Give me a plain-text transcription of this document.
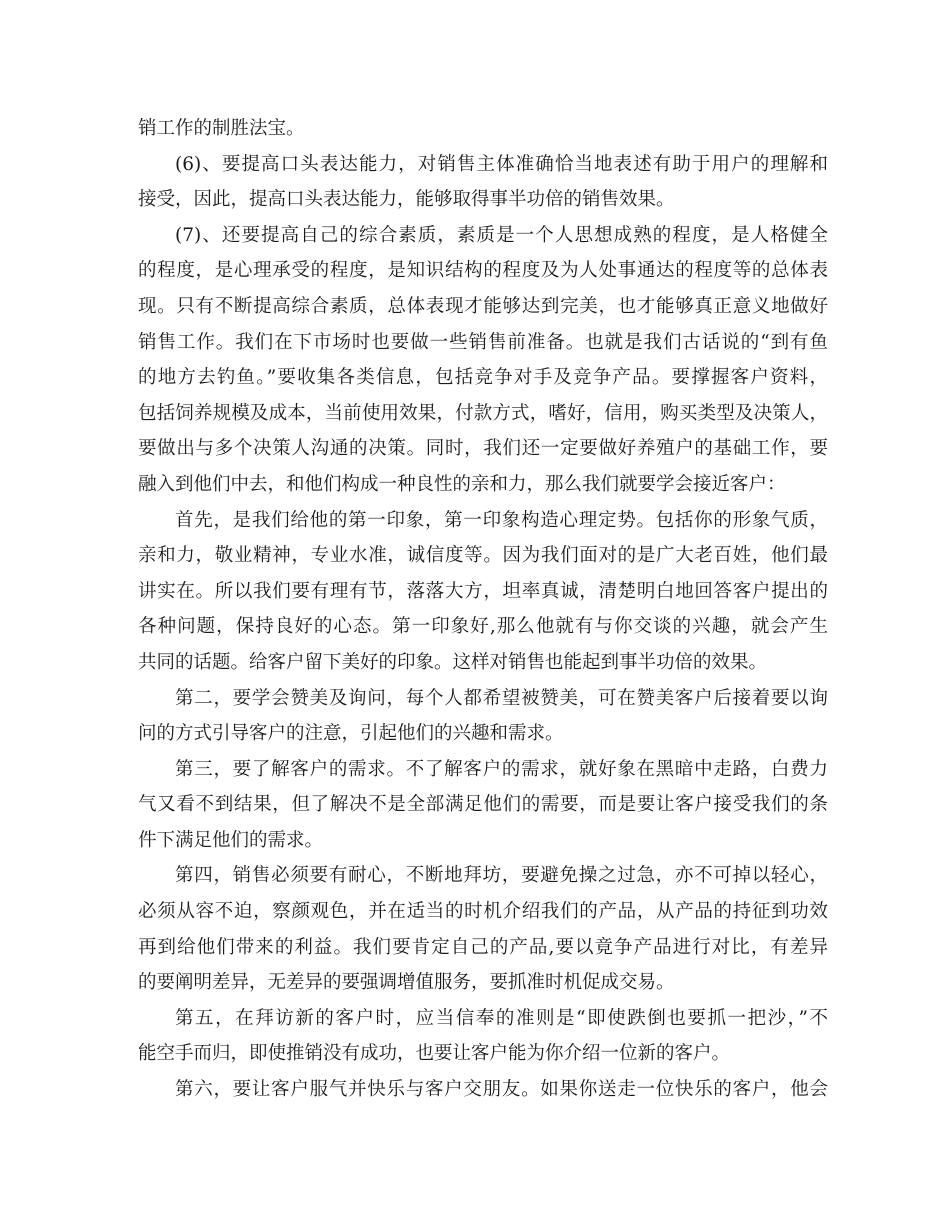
销工作的制胜法宝。
(6)、要提高口头表达能力，对销售主体准确恰当地表述有助于用户的理解和
接受，因此，提高口头表达能力，能够取得事半功倍的销售效果。
(7)、还要提高自己的综合素质，素质是一个人思想成熟的程度，是人格健全
的程度，是心理承受的程度，是知识结构的程度及为人处事通达的程度等的总体表
现。只有不断提高综合素质，总体表现才能够达到完美，也才能够真正意义地做好
销售工作。我们在下市场时也要做一些销售前准备。也就是我们古话说的“到有鱼
的地方去钓鱼。”要收集各类信息，包括竞争对手及竞争产品。要撑握客户资料，
包括饲养规模及成本，当前使用效果，付款方式，嗜好，信用，购买类型及决策人，
要做出与多个决策人沟通的决策。同时，我们还一定要做好养殖户的基础工作，要
融入到他们中去，和他们构成一种良性的亲和力，那么我们就要学会接近客户：
首先，是我们给他的第一印象，第一印象构造心理定势。包括你的形象气质，
亲和力，敬业精神，专业水准，诚信度等。因为我们面对的是广大老百姓，他们最
讲实在。所以我们要有理有节，落落大方，坦率真诚，清楚明白地回答客户提出的
各种问题，保持良好的心态。第一印象好,那么他就有与你交谈的兴趣，就会产生
共同的话题。给客户留下美好的印象。这样对销售也能起到事半功倍的效果。
第二，要学会赞美及询问，每个人都希望被赞美，可在赞美客户后接着要以询
问的方式引导客户的注意，引起他们的兴趣和需求。
第三，要了解客户的需求。不了解客户的需求，就好象在黑暗中走路，白费力
气又看不到结果，但了解决不是全部满足他们的需要，而是要让客户接受我们的条
件下满足他们的需求。
第四，销售必须要有耐心，不断地拜坊，要避免操之过急，亦不可掉以轻心，
必须从容不迫，察颜观色，并在适当的时机介绍我们的产品，从产品的持征到功效
再到给他们带来的利益。我们要肯定自己的产品,要以竟争产品进行对比，有差异
的要阐明差异，无差异的要强调增值服务，要抓准时机促成交易。
第五，在拜访新的客户时，应当信奉的准则是“即使跌倒也要抓一把沙，”不
能空手而归，即使推销没有成功，也要让客户能为你介绍一位新的客户。
第六，要让客户服气并快乐与客户交朋友。如果你送走一位快乐的客户，他会
